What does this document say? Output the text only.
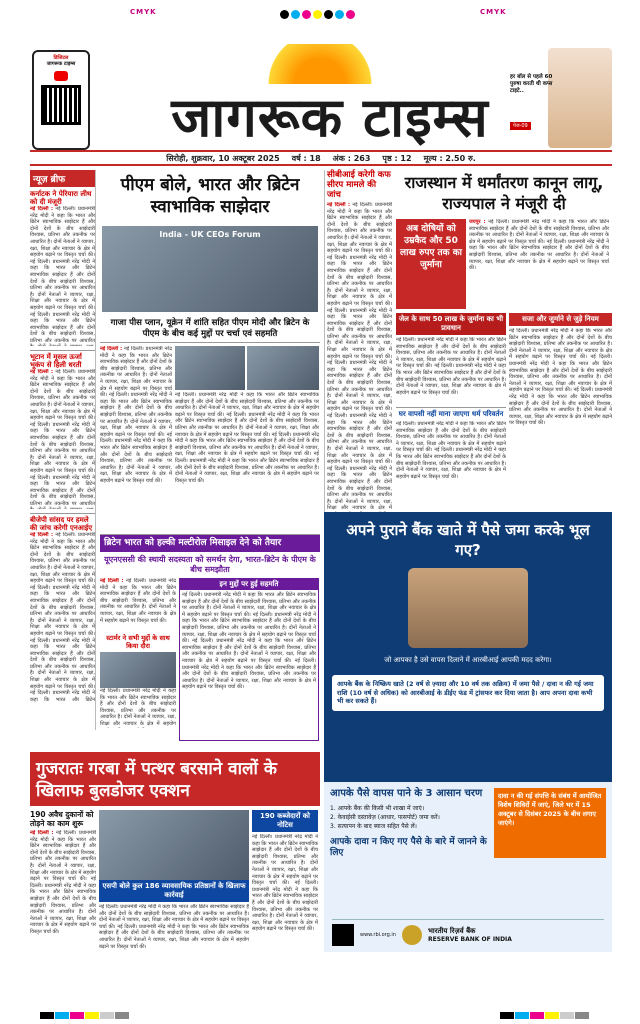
CMYK	CMYK
डिजिटल
जागरूक टाइम्स
जागरूक टाइम्स
हर बॉल से पहले 60 पुरुषा करती थी कप्स टाइटे..
पेज-09
सिरोही, शुक्रवार, 10 अक्टूबर 2025 वर्ष : 18 अंक : 263 पृष्ठ : 12 मूल्य : 2.50 रु.
न्यूज़ ब्रीफ
कर्नाटक ने पेरियारा लीथ को दी मंजूरी
नई दिल्ली : नई दिल्ली। प्रधानमंत्री नरेंद्र मोदी ने कहा कि भारत और ब्रिटेन स्वाभाविक साझेदार हैं और दोनों देशों के बीच साझेदारी विश्वास, प्रतिभा और तकनीक पर आधारित है। दोनों नेताओं ने व्यापार, रक्षा, शिक्षा और नवाचार के क्षेत्र में सहयोग बढ़ाने पर विस्तृत चर्चा की। नई दिल्ली। प्रधानमंत्री नरेंद्र मोदी ने कहा कि भारत और ब्रिटेन स्वाभाविक साझेदार हैं और दोनों देशों के बीच साझेदारी विश्वास, प्रतिभा और तकनीक पर आधारित है। दोनों नेताओं ने व्यापार, रक्षा, शिक्षा और नवाचार के क्षेत्र में सहयोग बढ़ाने पर विस्तृत चर्चा की। नई दिल्ली। प्रधानमंत्री नरेंद्र मोदी ने कहा कि भारत और ब्रिटेन स्वाभाविक साझेदार हैं और दोनों देशों के बीच साझेदारी विश्वास, प्रतिभा और तकनीक पर आधारित
भूटान में मूसल ऊर्जा भूकंप से हिली धरती
नई दिल्ली : नई दिल्ली। प्रधानमंत्री नरेंद्र मोदी ने कहा कि भारत और ब्रिटेन स्वाभाविक साझेदार हैं और दोनों देशों के बीच साझेदारी विश्वास, प्रतिभा और तकनीक पर आधारित है। दोनों नेताओं ने व्यापार, रक्षा, शिक्षा और नवाचार के क्षेत्र में सहयोग बढ़ाने पर विस्तृत चर्चा की। नई दिल्ली। प्रधानमंत्री नरेंद्र मोदी ने कहा कि भारत और ब्रिटेन स्वाभाविक साझेदार हैं और दोनों देशों के बीच साझेदारी विश्वास, प्रतिभा और तकनीक पर आधारित है। दोनों नेताओं ने व्यापार, रक्षा, शिक्षा और नवाचार के क्षेत्र में सहयोग बढ़ाने पर विस्तृत चर्चा की। नई दिल्ली। प्रधानमंत्री नरेंद्र मोदी ने कहा कि भारत और ब्रिटेन स्वाभाविक साझेदार हैं और दोनों देशों के बीच साझेदारी विश्वास, प्रतिभा और तकनीक पर आधारित
बीजेपी सांसद पर हमले की जांच करेगी एनआईए
नई दिल्ली : नई दिल्ली। प्रधानमंत्री नरेंद्र मोदी ने कहा कि भारत और ब्रिटेन स्वाभाविक साझेदार हैं और दोनों देशों के बीच साझेदारी विश्वास, प्रतिभा और तकनीक पर आधारित है। दोनों नेताओं ने व्यापार, रक्षा, शिक्षा और नवाचार के क्षेत्र में सहयोग बढ़ाने पर विस्तृत चर्चा की। नई दिल्ली। प्रधानमंत्री नरेंद्र मोदी ने कहा कि भारत और ब्रिटेन स्वाभाविक साझेदार हैं और दोनों देशों के बीच साझेदारी विश्वास, प्रतिभा और तकनीक पर आधारित है। दोनों नेताओं ने व्यापार, रक्षा, शिक्षा और नवाचार के क्षेत्र में सहयोग बढ़ाने पर विस्तृत चर्चा की। नई दिल्ली। प्रधानमंत्री नरेंद्र मोदी ने कहा कि भारत और ब्रिटेन स्वाभाविक साझेदार हैं और दोनों देशों के बीच साझेदारी विश्वास, प्रतिभा और तकनीक पर आधारित है। दोनों नेताओं ने व्यापार, रक्षा, शिक्षा और नवाचार के क्षेत्र में सहयोग बढ़ाने पर विस्तृत चर्चा की। नई दिल्ली। प्रधानमंत्री नरेंद्र मोदी ने कहा कि भारत और ब्रिटेन
पीएम बोले, भारत और ब्रिटेन स्वाभाविक साझेदार
India - UK CEOs Forum
गाजा पीस प्लान, यूक्रेन में शांति सहित पीएम मोदी और ब्रिटेन के पीएम के बीच कई मुद्दों पर चर्चा एवं सहमति
नई दिल्ली : नई दिल्ली। प्रधानमंत्री नरेंद्र मोदी ने कहा कि भारत और ब्रिटेन स्वाभाविक साझेदार हैं और दोनों देशों के बीच साझेदारी विश्वास, प्रतिभा और तकनीक पर आधारित है। दोनों नेताओं ने व्यापार, रक्षा, शिक्षा और नवाचार के क्षेत्र में सहयोग बढ़ाने पर विस्तृत चर्चा की। नई दिल्ली। प्रधानमंत्री नरेंद्र मोदी ने कहा कि भारत और ब्रिटेन स्वाभाविक साझेदार हैं और दोनों देशों के बीच साझेदारी विश्वास, प्रतिभा और तकनीक पर आधारित है। दोनों नेताओं ने व्यापार, रक्षा, शिक्षा और नवाचार के क्षेत्र में सहयोग बढ़ाने पर विस्तृत चर्चा की। नई दिल्ली। प्रधानमंत्री नरेंद्र मोदी ने कहा कि भारत और ब्रिटेन स्वाभाविक साझेदार हैं और दोनों देशों के बीच साझेदारी विश्वास, प्रतिभा और तकनीक पर आधारित है। दोनों नेताओं ने व्यापार, रक्षा, शिक्षा और नवाचार के क्षेत्र में सहयोग बढ़ाने पर विस्तृत चर्चा की।
नई दिल्ली। प्रधानमंत्री नरेंद्र मोदी ने कहा कि भारत और ब्रिटेन स्वाभाविक साझेदार हैं और दोनों देशों के बीच साझेदारी विश्वास, प्रतिभा और तकनीक पर आधारित है। दोनों नेताओं ने व्यापार, रक्षा, शिक्षा और नवाचार के क्षेत्र में सहयोग बढ़ाने पर विस्तृत चर्चा की। नई दिल्ली। प्रधानमंत्री नरेंद्र मोदी ने कहा कि भारत और ब्रिटेन स्वाभाविक साझेदार हैं और दोनों देशों के बीच साझेदारी विश्वास, प्रतिभा और तकनीक पर आधारित है। दोनों नेताओं ने व्यापार, रक्षा, शिक्षा और नवाचार के क्षेत्र में सहयोग बढ़ाने पर विस्तृत चर्चा की। नई दिल्ली। प्रधानमंत्री नरेंद्र मोदी ने कहा कि भारत और ब्रिटेन स्वाभाविक साझेदार हैं और दोनों देशों के बीच साझेदारी विश्वास, प्रतिभा और तकनीक पर आधारित है। दोनों नेताओं ने व्यापार, रक्षा, शिक्षा और नवाचार के क्षेत्र में सहयोग बढ़ाने पर विस्तृत चर्चा की। नई दिल्ली। प्रधानमंत्री नरेंद्र मोदी ने कहा कि भारत और ब्रिटेन स्वाभाविक साझेदार हैं और दोनों देशों के बीच साझेदारी विश्वास, प्रतिभा और तकनीक पर आधारित है। दोनों नेताओं ने व्यापार, रक्षा, शिक्षा और नवाचार के क्षेत्र में सहयोग बढ़ाने पर विस्तृत चर्चा की।
सीबीआई करेगी कफ सीरप मामले की जांच
नई दिल्ली : नई दिल्ली। प्रधानमंत्री नरेंद्र मोदी ने कहा कि भारत और ब्रिटेन स्वाभाविक साझेदार हैं और दोनों देशों के बीच साझेदारी विश्वास, प्रतिभा और तकनीक पर आधारित है। दोनों नेताओं ने व्यापार, रक्षा, शिक्षा और नवाचार के क्षेत्र में सहयोग बढ़ाने पर विस्तृत चर्चा की। नई दिल्ली। प्रधानमंत्री नरेंद्र मोदी ने कहा कि भारत और ब्रिटेन स्वाभाविक साझेदार हैं और दोनों देशों के बीच साझेदारी विश्वास, प्रतिभा और तकनीक पर आधारित है। दोनों नेताओं ने व्यापार, रक्षा, शिक्षा और नवाचार के क्षेत्र में सहयोग बढ़ाने पर विस्तृत चर्चा की। नई दिल्ली। प्रधानमंत्री नरेंद्र मोदी ने कहा कि भारत और ब्रिटेन स्वाभाविक साझेदार हैं और दोनों देशों के बीच साझेदारी विश्वास, प्रतिभा और तकनीक पर आधारित है। दोनों नेताओं ने व्यापार, रक्षा, शिक्षा और नवाचार के क्षेत्र में सहयोग बढ़ाने पर विस्तृत चर्चा की। नई दिल्ली। प्रधानमंत्री नरेंद्र मोदी ने कहा कि भारत और ब्रिटेन स्वाभाविक साझेदार हैं और दोनों देशों के बीच साझेदारी विश्वास, प्रतिभा और तकनीक पर आधारित है। दोनों नेताओं ने व्यापार, रक्षा, शिक्षा और नवाचार के क्षेत्र में सहयोग बढ़ाने पर विस्तृत चर्चा की। नई दिल्ली। प्रधानमंत्री नरेंद्र मोदी ने कहा कि भारत और ब्रिटेन स्वाभाविक साझेदार हैं और दोनों देशों के बीच साझेदारी विश्वास, प्रतिभा और तकनीक पर आधारित है। दोनों नेताओं ने व्यापार, रक्षा, शिक्षा और नवाचार के क्षेत्र में सहयोग बढ़ाने पर विस्तृत चर्चा की। नई दिल्ली। प्रधानमंत्री नरेंद्र मोदी ने कहा कि भारत और ब्रिटेन स्वाभाविक साझेदार हैं और दोनों देशों के बीच साझेदारी विश्वास, प्रतिभा और तकनीक पर आधारित है। दोनों नेताओं ने व्यापार, रक्षा, शिक्षा और नवाचार के क्षेत्र में
राजस्थान में धर्मांतरण कानून लागू, राज्यपाल ने मंजूरी दी
अब दोषियों को उम्रकैद और 50 लाख रुपए तक का जुर्माना
जयपुर : नई दिल्ली। प्रधानमंत्री नरेंद्र मोदी ने कहा कि भारत और ब्रिटेन स्वाभाविक साझेदार हैं और दोनों देशों के बीच साझेदारी विश्वास, प्रतिभा और तकनीक पर आधारित है। दोनों नेताओं ने व्यापार, रक्षा, शिक्षा और नवाचार के क्षेत्र में सहयोग बढ़ाने पर विस्तृत चर्चा की। नई दिल्ली। प्रधानमंत्री नरेंद्र मोदी ने कहा कि भारत और ब्रिटेन स्वाभाविक साझेदार हैं और दोनों देशों के बीच साझेदारी विश्वास, प्रतिभा और तकनीक पर आधारित है। दोनों नेताओं ने व्यापार, रक्षा, शिक्षा और नवाचार के क्षेत्र में सहयोग बढ़ाने पर विस्तृत चर्चा की।
जेल के साथ 50 लाख के जुर्माना का भी प्रावधान
नई दिल्ली। प्रधानमंत्री नरेंद्र मोदी ने कहा कि भारत और ब्रिटेन स्वाभाविक साझेदार हैं और दोनों देशों के बीच साझेदारी विश्वास, प्रतिभा और तकनीक पर आधारित है। दोनों नेताओं ने व्यापार, रक्षा, शिक्षा और नवाचार के क्षेत्र में सहयोग बढ़ाने पर विस्तृत चर्चा की। नई दिल्ली। प्रधानमंत्री नरेंद्र मोदी ने कहा कि भारत और ब्रिटेन स्वाभाविक साझेदार हैं और दोनों देशों के बीच साझेदारी विश्वास, प्रतिभा और तकनीक पर आधारित है। दोनों नेताओं ने व्यापार, रक्षा, शिक्षा और नवाचार के क्षेत्र में सहयोग बढ़ाने पर विस्तृत चर्चा की।
घर वापसी नहीं माना जाएगा धर्म परिवर्तन
नई दिल्ली। प्रधानमंत्री नरेंद्र मोदी ने कहा कि भारत और ब्रिटेन स्वाभाविक साझेदार हैं और दोनों देशों के बीच साझेदारी विश्वास, प्रतिभा और तकनीक पर आधारित है। दोनों नेताओं ने व्यापार, रक्षा, शिक्षा और नवाचार के क्षेत्र में सहयोग बढ़ाने पर विस्तृत चर्चा की। नई दिल्ली। प्रधानमंत्री नरेंद्र मोदी ने कहा कि भारत और ब्रिटेन स्वाभाविक साझेदार हैं और दोनों देशों के बीच साझेदारी विश्वास, प्रतिभा और तकनीक पर आधारित है। दोनों नेताओं ने व्यापार, रक्षा, शिक्षा और नवाचार के क्षेत्र में सहयोग बढ़ाने पर विस्तृत चर्चा की।
सजा और जुर्माने से जुड़े नियम
नई दिल्ली। प्रधानमंत्री नरेंद्र मोदी ने कहा कि भारत और ब्रिटेन स्वाभाविक साझेदार हैं और दोनों देशों के बीच साझेदारी विश्वास, प्रतिभा और तकनीक पर आधारित है। दोनों नेताओं ने व्यापार, रक्षा, शिक्षा और नवाचार के क्षेत्र में सहयोग बढ़ाने पर विस्तृत चर्चा की। नई दिल्ली। प्रधानमंत्री नरेंद्र मोदी ने कहा कि भारत और ब्रिटेन स्वाभाविक साझेदार हैं और दोनों देशों के बीच साझेदारी विश्वास, प्रतिभा और तकनीक पर आधारित है। दोनों नेताओं ने व्यापार, रक्षा, शिक्षा और नवाचार के क्षेत्र में सहयोग बढ़ाने पर विस्तृत चर्चा की। नई दिल्ली। प्रधानमंत्री नरेंद्र मोदी ने कहा कि भारत और ब्रिटेन स्वाभाविक साझेदार हैं और दोनों देशों के बीच साझेदारी विश्वास, प्रतिभा और तकनीक पर आधारित है। दोनों नेताओं ने व्यापार, रक्षा, शिक्षा और नवाचार के क्षेत्र में सहयोग बढ़ाने पर विस्तृत चर्चा की।
ब्रिटेन भारत को हल्की मल्टीरोल मिसाइल देने को तैयार
यूएनएससी की स्थायी सदस्यता को समर्थन देगा, भारत-ब्रिटेन के पीएम के बीच समझौता
नई दिल्ली : नई दिल्ली। प्रधानमंत्री नरेंद्र मोदी ने कहा कि भारत और ब्रिटेन स्वाभाविक साझेदार हैं और दोनों देशों के बीच साझेदारी विश्वास, प्रतिभा और तकनीक पर आधारित है। दोनों नेताओं ने व्यापार, रक्षा, शिक्षा और नवाचार के क्षेत्र में सहयोग बढ़ाने पर विस्तृत चर्चा की।
स्टार्मर ने सभी मुद्दों के साथ किया दौरा
नई दिल्ली। प्रधानमंत्री नरेंद्र मोदी ने कहा कि भारत और ब्रिटेन स्वाभाविक साझेदार हैं और दोनों देशों के बीच साझेदारी विश्वास, प्रतिभा और तकनीक पर आधारित है। दोनों नेताओं ने व्यापार, रक्षा, शिक्षा और नवाचार के क्षेत्र में सहयोग
इन मुद्दों पर हुई सहमति
नई दिल्ली। प्रधानमंत्री नरेंद्र मोदी ने कहा कि भारत और ब्रिटेन स्वाभाविक साझेदार हैं और दोनों देशों के बीच साझेदारी विश्वास, प्रतिभा और तकनीक पर आधारित है। दोनों नेताओं ने व्यापार, रक्षा, शिक्षा और नवाचार के क्षेत्र में सहयोग बढ़ाने पर विस्तृत चर्चा की। नई दिल्ली। प्रधानमंत्री नरेंद्र मोदी ने कहा कि भारत और ब्रिटेन स्वाभाविक साझेदार हैं और दोनों देशों के बीच साझेदारी विश्वास, प्रतिभा और तकनीक पर आधारित है। दोनों नेताओं ने व्यापार, रक्षा, शिक्षा और नवाचार के क्षेत्र में सहयोग बढ़ाने पर विस्तृत चर्चा की। नई दिल्ली। प्रधानमंत्री नरेंद्र मोदी ने कहा कि भारत और ब्रिटेन स्वाभाविक साझेदार हैं और दोनों देशों के बीच साझेदारी विश्वास, प्रतिभा और तकनीक पर आधारित है। दोनों नेताओं ने व्यापार, रक्षा, शिक्षा और नवाचार के क्षेत्र में सहयोग बढ़ाने पर विस्तृत चर्चा की। नई दिल्ली। प्रधानमंत्री नरेंद्र मोदी ने कहा कि भारत और ब्रिटेन स्वाभाविक साझेदार हैं और दोनों देशों के बीच साझेदारी विश्वास, प्रतिभा और तकनीक पर आधारित है। दोनों नेताओं ने व्यापार, रक्षा, शिक्षा और नवाचार के क्षेत्र में सहयोग बढ़ाने पर विस्तृत चर्चा की।
अपने पुराने बैंक खाते में पैसे जमा करके भूल गए?
जो आपका है उसे वापस दिलाने में आरबीआई आपकी मदद करेगा।
आपके बैंक के निष्क्रिय खाते (2 वर्ष से ज़्यादा और 10 वर्ष तक अक्रिय) में जमा पैसे / दावा न की गई जमा राशि (10 वर्ष से अधिक) को आरबीआई के डीईए फंड में ट्रांसफर कर दिया जाता है। आप अपना दावा कभी भी कर सकते हैं।
आपके पैसे वापस पाने के 3 आसान चरण
1. आपके बैंक की किसी भी शाखा में जाएं।
2. केवाईसी दस्तावेज़ (आधार, पासपोर्ट) जमा करें।
3. सत्यापन के बाद ब्याज सहित पैसे लें।
आपके दावा न किए गए पैसे के बारे में जानने के लिए
दावा न की गई संपत्ति के संबंध में आयोजित विशेष शिविरों में जाएं, जिले भर में 15 अक्टूबर से दिसंबर 2025 के बीच लगाए जाएंगे।
www.rbi.org.in	भारतीय रिज़र्व बैंक
RESERVE BANK OF INDIA
गुजरातः गरबा में पत्थर बरसाने वालों के खिलाफ बुलडोजर एक्शन
190 अवैध दुकानों को तोड़ने का काम शुरू
नई दिल्ली : नई दिल्ली। प्रधानमंत्री नरेंद्र मोदी ने कहा कि भारत और ब्रिटेन स्वाभाविक साझेदार हैं और दोनों देशों के बीच साझेदारी विश्वास, प्रतिभा और तकनीक पर आधारित है। दोनों नेताओं ने व्यापार, रक्षा, शिक्षा और नवाचार के क्षेत्र में सहयोग बढ़ाने पर विस्तृत चर्चा की। नई दिल्ली। प्रधानमंत्री नरेंद्र मोदी ने कहा कि भारत और ब्रिटेन स्वाभाविक साझेदार हैं और दोनों देशों के बीच साझेदारी विश्वास, प्रतिभा और तकनीक पर आधारित है। दोनों नेताओं ने व्यापार, रक्षा, शिक्षा और नवाचार के क्षेत्र में सहयोग बढ़ाने पर विस्तृत चर्चा की।
एसपी बोले कुल 186 व्यावसायिक प्रतिष्ठानों के खिलाफ कार्रवाई
नई दिल्ली। प्रधानमंत्री नरेंद्र मोदी ने कहा कि भारत और ब्रिटेन स्वाभाविक साझेदार हैं और दोनों देशों के बीच साझेदारी विश्वास, प्रतिभा और तकनीक पर आधारित है। दोनों नेताओं ने व्यापार, रक्षा, शिक्षा और नवाचार के क्षेत्र में सहयोग बढ़ाने पर विस्तृत चर्चा की। नई दिल्ली। प्रधानमंत्री नरेंद्र मोदी ने कहा कि भारत और ब्रिटेन स्वाभाविक साझेदार हैं और दोनों देशों के बीच साझेदारी विश्वास, प्रतिभा और तकनीक पर आधारित है। दोनों नेताओं ने व्यापार, रक्षा, शिक्षा और नवाचार के क्षेत्र में सहयोग बढ़ाने पर विस्तृत चर्चा की।
190 कब्जेदारों को नोटिस
नई दिल्ली। प्रधानमंत्री नरेंद्र मोदी ने कहा कि भारत और ब्रिटेन स्वाभाविक साझेदार हैं और दोनों देशों के बीच साझेदारी विश्वास, प्रतिभा और तकनीक पर आधारित है। दोनों नेताओं ने व्यापार, रक्षा, शिक्षा और नवाचार के क्षेत्र में सहयोग बढ़ाने पर विस्तृत चर्चा की। नई दिल्ली। प्रधानमंत्री नरेंद्र मोदी ने कहा कि भारत और ब्रिटेन स्वाभाविक साझेदार हैं और दोनों देशों के बीच साझेदारी विश्वास, प्रतिभा और तकनीक पर आधारित है। दोनों नेताओं ने व्यापार, रक्षा, शिक्षा और नवाचार के क्षेत्र में सहयोग बढ़ाने पर विस्तृत चर्चा की।
